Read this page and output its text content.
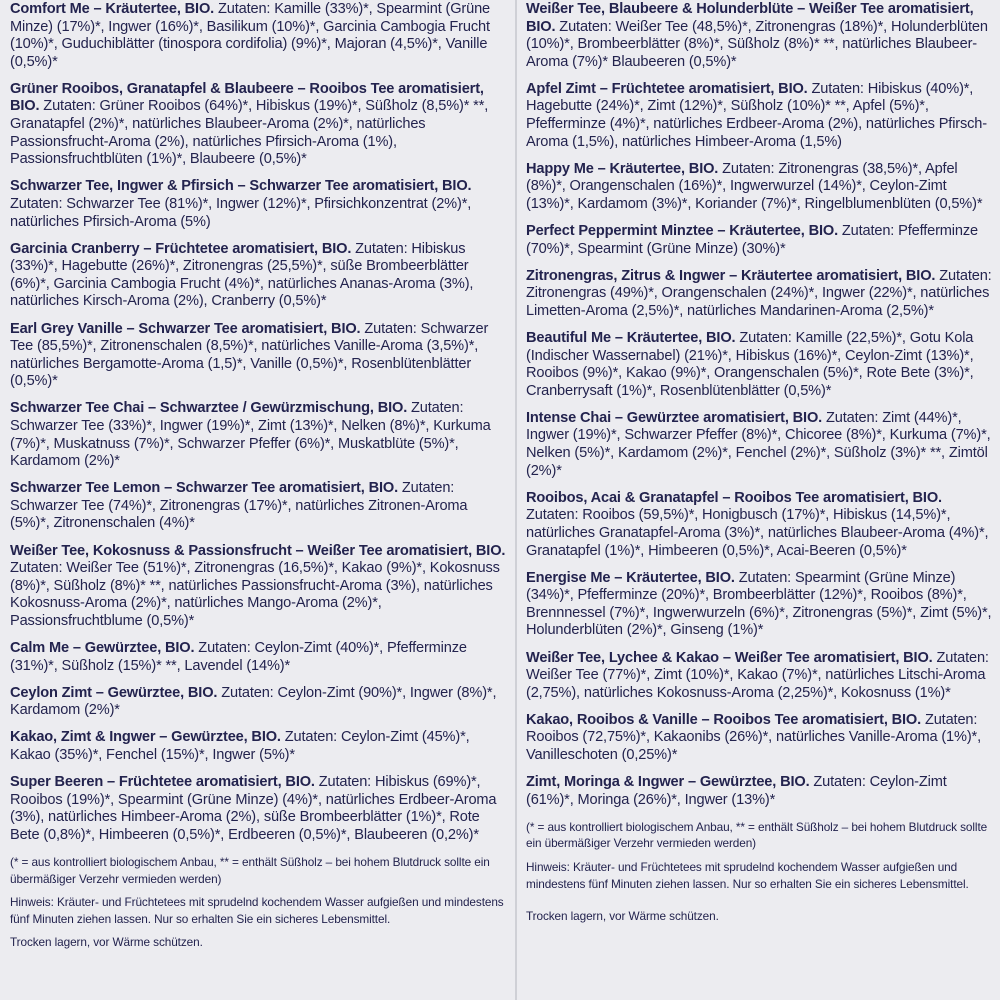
Comfort Me – Kräutertee, BIO. Zutaten: Kamille (33%)*, Spearmint (Grüne Minze) (17%)*, Ingwer (16%)*, Basilikum (10%)*, Garcinia Cambogia Frucht (10%)*, Guduchiblätter (tinospora cordifolia) (9%)*, Majoran (4,5%)*, Vanille (0,5%)*

Grüner Rooibos, Granatapfel & Blaubeere – Rooibos Tee aromatisiert, BIO. Zutaten: Grüner Rooibos (64%)*, Hibiskus (19%)*, Süßholz (8,5%)* **, Granatapfel (2%)*, natürliches Blaubeer-Aroma (2%)*, natürliches Passionsfrucht-Aroma (2%), natürliches Pfirsich-Aroma (1%), Passionsfruchtblüten (1%)*, Blaubeere (0,5%)*

Schwarzer Tee, Ingwer & Pfirsich – Schwarzer Tee aromatisiert, BIO. Zutaten: Schwarzer Tee (81%)*, Ingwer (12%)*, Pfirsichkonzentrat (2%)*, natürliches Pfirsich-Aroma (5%)

Garcinia Cranberry – Früchtetee aromatisiert, BIO. Zutaten: Hibiskus (33%)*, Hagebutte (26%)*, Zitronengras (25,5%)*, süße Brombeerblätter (6%)*, Garcinia Cambogia Frucht (4%)*, natürliches Ananas-Aroma (3%), natürliches Kirsch-Aroma (2%), Cranberry (0,5%)*

Earl Grey Vanille – Schwarzer Tee aromatisiert, BIO. Zutaten: Schwarzer Tee (85,5%)*, Zitronenschalen (8,5%)*, natürliches Vanille-Aroma (3,5%)*, natürliches Bergamotte-Aroma (1,5)*, Vanille (0,5%)*, Rosenblütenblätter (0,5%)*

Schwarzer Tee Chai – Schwarztee / Gewürzmischung, BIO. Zutaten: Schwarzer Tee (33%)*, Ingwer (19%)*, Zimt (13%)*, Nelken (8%)*, Kurkuma (7%)*, Muskatnuss (7%)*, Schwarzer Pfeffer (6%)*, Muskatblüte (5%)*, Kardamom (2%)*

Schwarzer Tee Lemon – Schwarzer Tee aromatisiert, BIO. Zutaten: Schwarzer Tee (74%)*, Zitronengras (17%)*, natürliches Zitronen-Aroma (5%)*, Zitronenschalen (4%)*

Weißer Tee, Kokosnuss & Passionsfrucht – Weißer Tee aromatisiert, BIO. Zutaten: Weißer Tee (51%)*, Zitronengras (16,5%)*, Kakao (9%)*, Kokosnuss (8%)*, Süßholz (8%)* **, natürliches Passionsfrucht-Aroma (3%), natürliches Kokosnuss-Aroma (2%)*, natürliches Mango-Aroma (2%)*, Passionsfruchtblume (0,5%)*

Calm Me – Gewürztee, BIO. Zutaten: Ceylon-Zimt (40%)*, Pfefferminze (31%)*, Süßholz (15%)* **, Lavendel (14%)*

Ceylon Zimt – Gewürztee, BIO. Zutaten: Ceylon-Zimt (90%)*, Ingwer (8%)*, Kardamom (2%)*

Kakao, Zimt & Ingwer – Gewürztee, BIO. Zutaten: Ceylon-Zimt (45%)*, Kakao (35%)*, Fenchel (15%)*, Ingwer (5%)*

Super Beeren – Früchtetee aromatisiert, BIO. Zutaten: Hibiskus (69%)*, Rooibos (19%)*, Spearmint (Grüne Minze) (4%)*, natürliches Erdbeer-Aroma (3%), natürliches Himbeer-Aroma (2%), süße Brombeerblätter (1%)*, Rote Bete (0,8%)*, Himbeeren (0,5%)*, Erdbeeren (0,5%)*, Blaubeeren (0,2%)*

(* = aus kontrolliert biologischem Anbau, ** = enthält Süßholz – bei hohem Blutdruck sollte ein übermäßiger Verzehr vermieden werden)

Hinweis: Kräuter- und Früchtetees mit sprudelnd kochendem Wasser aufgießen und mindestens fünf Minuten ziehen lassen. Nur so erhalten Sie ein sicheres Lebensmittel.

Trocken lagern, vor Wärme schützen.

Weißer Tee, Blaubeere & Holunderblüte – Weißer Tee aromatisiert, BIO. Zutaten: Weißer Tee (48,5%)*, Zitronengras (18%)*, Holunderblüten (10%)*, Brombeerblätter (8%)*, Süßholz (8%)* **, natürliches Blaubeer-Aroma (7%)* Blaubeeren (0,5%)*

Apfel Zimt – Früchtetee aromatisiert, BIO. Zutaten: Hibiskus (40%)*, Hagebutte (24%)*, Zimt (12%)*, Süßholz (10%)* **, Apfel (5%)*, Pfefferminze (4%)*, natürliches Erdbeer-Aroma (2%), natürliches Pfirsch-Aroma (1,5%), natürliches Himbeer-Aroma (1,5%)

Happy Me – Kräutertee, BIO. Zutaten: Zitronengras (38,5%)*, Apfel (8%)*, Orangenschalen (16%)*, Ingwerwurzel (14%)*, Ceylon-Zimt (13%)*, Kardamom (3%)*, Koriander (7%)*, Ringelblumenblüten (0,5%)*

Perfect Peppermint Minztee – Kräutertee, BIO. Zutaten: Pfefferminze (70%)*, Spearmint (Grüne Minze) (30%)*

Zitronengras, Zitrus & Ingwer – Kräutertee aromatisiert, BIO. Zutaten: Zitronengras (49%)*, Orangenschalen (24%)*, Ingwer (22%)*, natürliches Limetten-Aroma (2,5%)*, natürliches Mandarinen-Aroma (2,5%)*

Beautiful Me – Kräutertee, BIO. Zutaten: Kamille (22,5%)*, Gotu Kola (Indischer Wassernabel) (21%)*, Hibiskus (16%)*, Ceylon-Zimt (13%)*, Rooibos (9%)*, Kakao (9%)*, Orangenschalen (5%)*, Rote Bete (3%)*, Cranberrysaft (1%)*, Rosenblütenblätter (0,5%)*

Intense Chai – Gewürztee aromatisiert, BIO. Zutaten: Zimt (44%)*, Ingwer (19%)*, Schwarzer Pfeffer (8%)*, Chicoree (8%)*, Kurkuma (7%)*, Nelken (5%)*, Kardamom (2%)*, Fenchel (2%)*, Süßholz (3%)* **, Zimtöl (2%)*

Rooibos, Acai & Granatapfel – Rooibos Tee aromatisiert, BIO. Zutaten: Rooibos (59,5%)*, Honigbusch (17%)*, Hibiskus (14,5%)*, natürliches Granatapfel-Aroma (3%)*, natürliches Blaubeer-Aroma (4%)*, Granatapfel (1%)*, Himbeeren (0,5%)*, Acai-Beeren (0,5%)*

Energise Me – Kräutertee, BIO. Zutaten: Spearmint (Grüne Minze) (34%)*, Pfefferminze (20%)*, Brombeerblätter (12%)*, Rooibos (8%)*, Brennnessel (7%)*, Ingwerwurzeln (6%)*, Zitronengras (5%)*, Zimt (5%)*, Holunderblüten (2%)*, Ginseng (1%)*

Weißer Tee, Lychee & Kakao – Weißer Tee aromatisiert, BIO. Zutaten: Weißer Tee (77%)*, Zimt (10%)*, Kakao (7%)*, natürliches Litschi-Aroma (2,75%), natürliches Kokosnuss-Aroma (2,25%)*, Kokosnuss (1%)*

Kakao, Rooibos & Vanille – Rooibos Tee aromatisiert, BIO. Zutaten: Rooibos (72,75%)*, Kakaonibs (26%)*, natürliches Vanille-Aroma (1%)*, Vanilleschoten (0,25%)*

Zimt, Moringa & Ingwer – Gewürztee, BIO. Zutaten: Ceylon-Zimt (61%)*, Moringa (26%)*, Ingwer (13%)*

(* = aus kontrolliert biologischem Anbau, ** = enthält Süßholz – bei hohem Blutdruck sollte ein übermäßiger Verzehr vermieden werden)

Hinweis: Kräuter- und Früchtetees mit sprudelnd kochendem Wasser aufgießen und mindestens fünf Minuten ziehen lassen. Nur so erhalten Sie ein sicheres Lebensmittel.

Trocken lagern, vor Wärme schützen.
